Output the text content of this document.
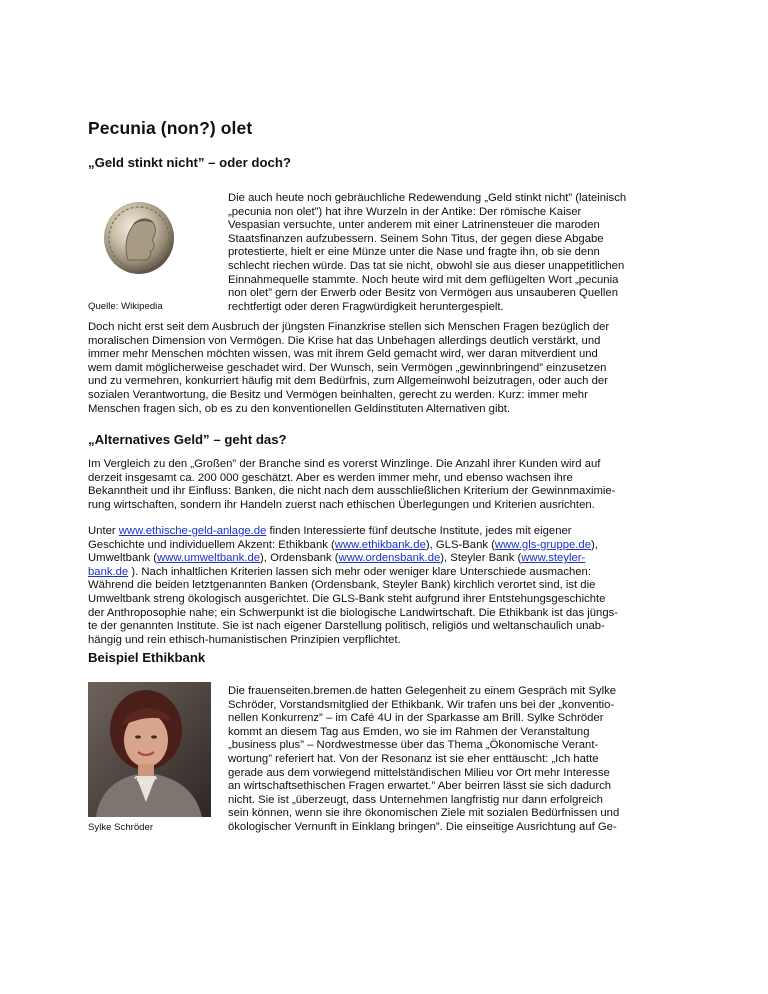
Pecunia (non?) olet
„Geld stinkt nicht” – oder doch?
Quelle: Wikipedia

Die auch heute noch gebräuchliche Redewendung „Geld stinkt nicht” (lateinisch
„pecunia non olet”) hat ihre Wurzeln in der Antike: Der römische Kaiser
Vespasian versuchte, unter anderem mit einer Latrinensteuer die maroden
Staatsfinanzen aufzubessern. Seinem Sohn Titus, der gegen diese Abgabe
protestierte, hielt er eine Münze unter die Nase und fragte ihn, ob sie denn
schlecht riechen würde. Das tat sie nicht, obwohl sie aus dieser unappetitlichen
Einnahmequelle stammte. Noch heute wird mit dem geflügelten Wort „pecunia
non olet” gern der Erwerb oder Besitz von Vermögen aus unsauberen Quellen
rechtfertigt oder deren Fragwürdigkeit heruntergespielt.

Doch nicht erst seit dem Ausbruch der jüngsten Finanzkrise stellen sich Menschen Fragen bezüglich der
moralischen Dimension von Vermögen. Die Krise hat das Unbehagen allerdings deutlich verstärkt, und
immer mehr Menschen möchten wissen, was mit ihrem Geld gemacht wird, wer daran mitverdient und
wem damit möglicherweise geschadet wird. Der Wunsch, sein Vermögen „gewinnbringend” einzusetzen
und zu vermehren, konkurriert häufig mit dem Bedürfnis, zum Allgemeinwohl beizutragen, oder auch der
sozialen Verantwortung, die Besitz und Vermögen beinhalten, gerecht zu werden. Kurz: immer mehr
Menschen fragen sich, ob es zu den konventionellen Geldinstituten Alternativen gibt.

„Alternatives Geld” – geht das?

Im Vergleich zu den „Großen” der Branche sind es vorerst Winzlinge. Die Anzahl ihrer Kunden wird auf
derzeit insgesamt ca. 200 000 geschätzt. Aber es werden immer mehr, und ebenso wachsen ihre
Bekanntheit und ihr Einfluss: Banken, die nicht nach dem ausschließlichen Kriterium der Gewinnmaximie-
rung wirtschaften, sondern ihr Handeln zuerst nach ethischen Überlegungen und Kriterien ausrichten.

Unter www.ethische-geld-anlage.de finden Interessierte fünf deutsche Institute, jedes mit eigener
Geschichte und individuellem Akzent: Ethikbank (www.ethikbank.de), GLS-Bank (www.gls-gruppe.de),
Umweltbank (www.umweltbank.de), Ordensbank (www.ordensbank.de), Steyler Bank (www.steyler-
bank.de ). Nach inhaltlichen Kriterien lassen sich mehr oder weniger klare Unterschiede ausmachen:
Während die beiden letztgenannten Banken (Ordensbank, Steyler Bank) kirchlich verortet sind, ist die
Umweltbank streng ökologisch ausgerichtet. Die GLS-Bank steht aufgrund ihrer Entstehungsgeschichte
der Anthroposophie nahe; ein Schwerpunkt ist die biologische Landwirtschaft. Die Ethikbank ist das jüngs-
te der genannten Institute. Sie ist nach eigener Darstellung politisch, religiös und weltanschaulich unab-
hängig und rein ethisch-humanistischen Prinzipien verpflichtet.

Beispiel Ethikbank
Sylke Schröder

Die frauenseiten.bremen.de hatten Gelegenheit zu einem Gespräch mit Sylke
Schröder, Vorstandsmitglied der Ethikbank. Wir trafen uns bei der „konventio-
nellen Konkurrenz” – im Café 4U in der Sparkasse am Brill. Sylke Schröder
kommt an diesem Tag aus Emden, wo sie im Rahmen der Veranstaltung
„business plus” – Nordwestmesse über das Thema „Ökonomische Verant-
wortung” referiert hat. Von der Resonanz ist sie eher enttäuscht: „Ich hatte
gerade aus dem vorwiegend mittelständischen Milieu vor Ort mehr Interesse
an wirtschaftsethischen Fragen erwartet.” Aber beirren lässt sie sich dadurch
nicht. Sie ist „überzeugt, dass Unternehmen langfristig nur dann erfolgreich
sein können, wenn sie ihre ökonomischen Ziele mit sozialen Bedürfnissen und
ökologischer Vernunft in Einklang bringen”. Die einseitige Ausrichtung auf Ge-
